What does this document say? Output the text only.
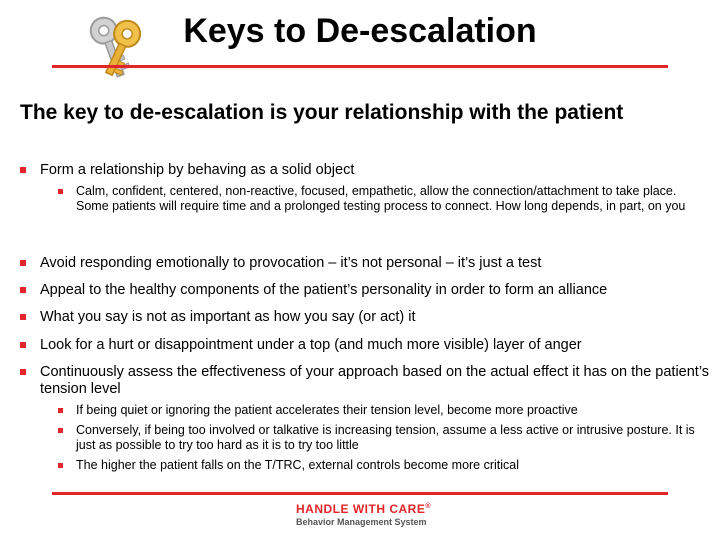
Keys to De-escalation
The key to de-escalation is your relationship with the patient
Form a relationship by behaving as a solid object
Calm, confident, centered, non-reactive, focused, empathetic, allow the connection/attachment to take place. Some patients will require time and a prolonged testing process to connect. How long depends, in part, on you
Avoid responding emotionally to provocation – it’s not personal – it’s just a test
Appeal to the healthy components of the patient’s personality in order to form an alliance
What you say is not as important as how you say (or act) it
Look for a hurt or disappointment under a top (and much more visible) layer of anger
Continuously assess the effectiveness of your approach based on the actual effect it has on the patient’s tension level
If being quiet or ignoring the patient accelerates their tension level, become more proactive
Conversely, if being too involved or talkative is increasing tension, assume a less active or intrusive posture. It is just as possible to try too hard as it is to try too little
The higher the patient falls on the T/TRC, external controls become more critical
HANDLE WITH CARE®
Behavior Management System
